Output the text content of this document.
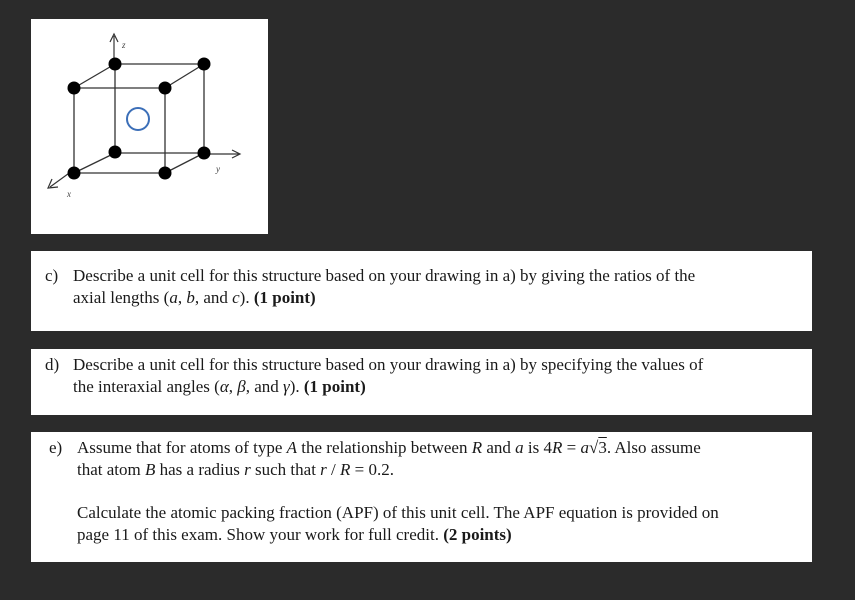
z
y
x
c) Describe a unit cell for this structure based on your drawing in a) by giving the ratios of the
axial lengths (a, b, and c). (1 point)
d) Describe a unit cell for this structure based on your drawing in a) by specifying the values of
the interaxial angles (α, β, and γ). (1 point)
e) Assume that for atoms of type A the relationship between R and a is 4R = a√3. Also assume
that atom B has a radius r such that r / R = 0.2.
Calculate the atomic packing fraction (APF) of this unit cell. The APF equation is provided on
page 11 of this exam. Show your work for full credit. (2 points)
